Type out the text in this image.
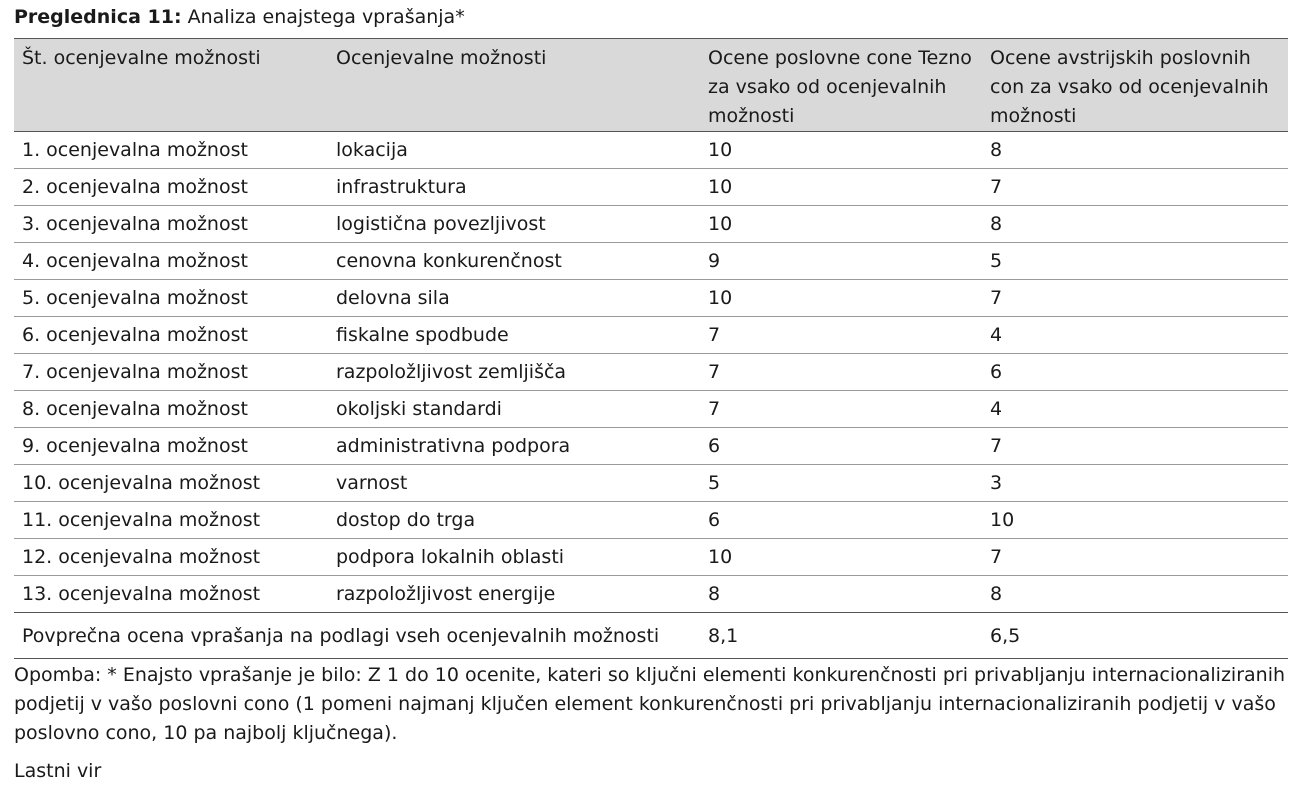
Preglednica 11: Analiza enajstega vprašanja*
Št. ocenjevalne možnosti	Ocenjevalne možnosti	Ocene poslovne cone Tezno za vsako od ocenjevalnih možnosti	Ocene avstrijskih poslovnih con za vsako od ocenjevalnih možnosti
1. ocenjevalna možnost	lokacija	10	8
2. ocenjevalna možnost	infrastruktura	10	7
3. ocenjevalna možnost	logistična povezljivost	10	8
4. ocenjevalna možnost	cenovna konkurenčnost	9	5
5. ocenjevalna možnost	delovna sila	10	7
6. ocenjevalna možnost	fiskalne spodbude	7	4
7. ocenjevalna možnost	razpoložljivost zemljišča	7	6
8. ocenjevalna možnost	okoljski standardi	7	4
9. ocenjevalna možnost	administrativna podpora	6	7
10. ocenjevalna možnost	varnost	5	3
11. ocenjevalna možnost	dostop do trga	6	10
12. ocenjevalna možnost	podpora lokalnih oblasti	10	7
13. ocenjevalna možnost	razpoložljivost energije	8	8
Povprečna ocena vprašanja na podlagi vseh ocenjevalnih možnosti		8,1	6,5
Opomba: * Enajsto vprašanje je bilo: Z 1 do 10 ocenite, kateri so ključni elementi konkurenčnosti pri privabljanju internacionaliziranih podjetij v vašo poslovni cono (1 pomeni najmanj ključen element konkurenčnosti pri privabljanju internacionaliziranih podjetij v vašo poslovno cono, 10 pa najbolj ključnega).
Lastni vir
